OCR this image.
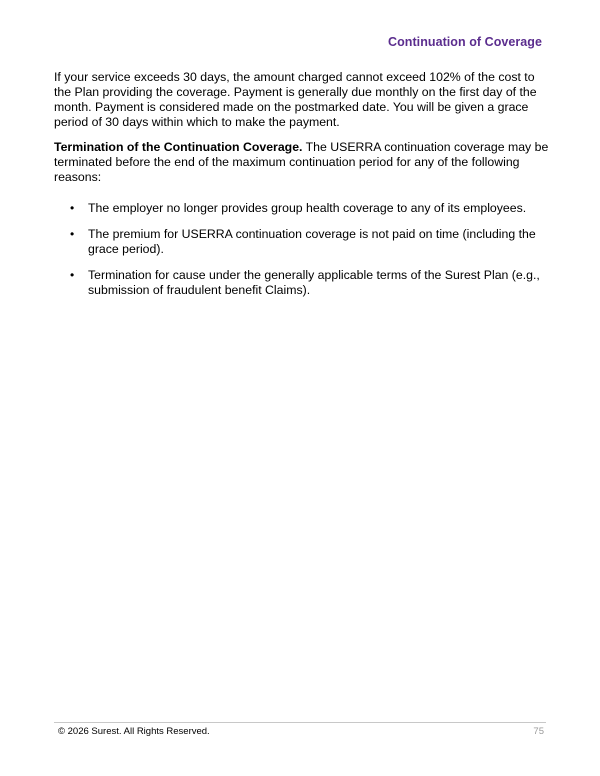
Continuation of Coverage

If your service exceeds 30 days, the amount charged cannot exceed 102% of the cost to the Plan providing the coverage. Payment is generally due monthly on the first day of the month. Payment is considered made on the postmarked date. You will be given a grace period of 30 days within which to make the payment.

Termination of the Continuation Coverage. The USERRA continuation coverage may be terminated before the end of the maximum continuation period for any of the following reasons:

• The employer no longer provides group health coverage to any of its employees.
• The premium for USERRA continuation coverage is not paid on time (including the grace period).
• Termination for cause under the generally applicable terms of the Surest Plan (e.g., submission of fraudulent benefit Claims).
© 2026 Surest. All Rights Reserved.	75
